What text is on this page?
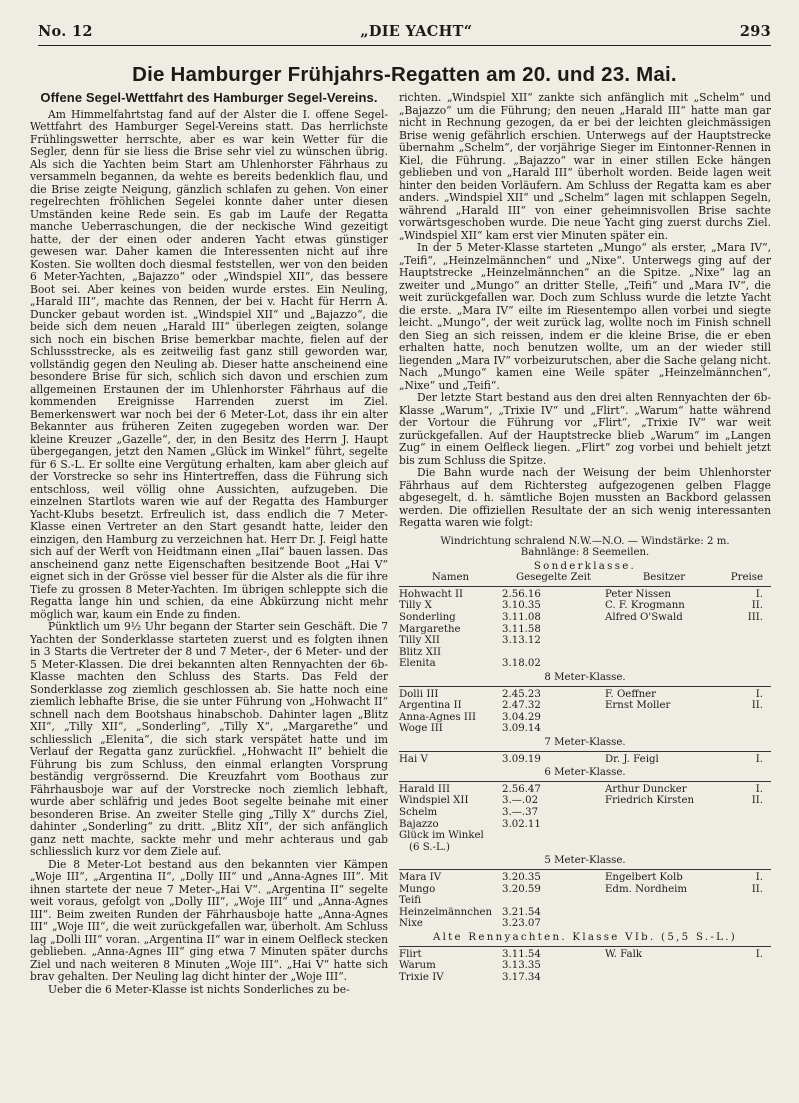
No. 12	„DIE YACHT“	293
Die Hamburger Frühjahrs-Regatten am 20. und 23. Mai.
Offene Segel-Wettfahrt des Hamburger Segel-Vereins.

Am Himmelfahrtstag fand auf der Alster die I. offene Segel-Wettfahrt des Hamburger Segel-Vereins statt. Das herrlichste Frühlingswetter herrschte, aber es war kein Wetter für die Segler, denn für sie liess die Brise sehr viel zu wünschen übrig. Als sich die Yachten beim Start am Uhlenhorster Fährhaus zu versammeln begannen, da wehte es bereits bedenklich flau, und die Brise zeigte Neigung, gänzlich schlafen zu gehen. Von einer regelrechten fröhlichen Segelei konnte daher unter diesen Umständen keine Rede sein. Es gab im Laufe der Regatta manche Ueberraschungen, die der neckische Wind gezeitigt hatte, der der einen oder anderen Yacht etwas günstiger gewesen war. Daher kamen die Interessenten nicht auf ihre Kosten. Sie wollten doch diesmal feststellen, wer von den beiden 6 Meter-Yachten, „Bajazzo“ oder „Windspiel XII“, das bessere Boot sei. Aber keines von beiden wurde erstes. Ein Neuling, „Harald III“, machte das Rennen, der bei v. Hacht für Herrn A. Duncker gebaut worden ist. „Windspiel XII“ und „Bajazzo“, die beide sich dem neuen „Harald III“ überlegen zeigten, solange sich noch ein bischen Brise bemerkbar machte, fielen auf der Schlussstrecke, als es zeitweilig fast ganz still geworden war, vollständig gegen den Neuling ab. Dieser hatte anscheinend eine besondere Brise für sich, schlich sich davon und erschien zum allgemeinen Erstaunen der im Uhlenhorster Fährhaus auf die kommenden Ereignisse Harrenden zuerst im Ziel. Bemerkenswert war noch bei der 6 Meter-Lot, dass ihr ein alter Bekannter aus früheren Zeiten zugegeben worden war. Der kleine Kreuzer „Gazelle“, der, in den Besitz des Herrn J. Haupt übergegangen, jetzt den Namen „Glück im Winkel“ führt, segelte für 6 S.-L. Er sollte eine Vergütung erhalten, kam aber gleich auf der Vorstrecke so sehr ins Hintertreffen, dass die Führung sich entschloss, weil völlig ohne Aussichten, aufzugeben. Die einzelnen Startlots waren wie auf der Regatta des Hamburger Yacht-Klubs besetzt. Erfreulich ist, dass endlich die 7 Meter-Klasse einen Vertreter an den Start gesandt hatte, leider den einzigen, den Hamburg zu verzeichnen hat. Herr Dr. J. Feigl hatte sich auf der Werft von Heidtmann einen „IIai“ bauen lassen. Das anscheinend ganz nette Eigenschaften besitzende Boot „Hai V“ eignet sich in der Grösse viel besser für die Alster als die für ihre Tiefe zu grossen 8 Meter-Yachten. Im übrigen schleppte sich die Regatta lange hin und schien, da eine Abkürzung nicht mehr möglich war, kaum ein Ende zu finden.

Pünktlich um 9½ Uhr begann der Starter sein Geschäft. Die 7 Yachten der Sonderklasse starteten zuerst und es folgten ihnen in 3 Starts die Vertreter der 8 und 7 Meter-, der 6 Meter- und der 5 Meter-Klassen. Die drei bekannten alten Rennyachten der 6b-Klasse machten den Schluss des Starts. Das Feld der Sonderklasse zog ziemlich geschlossen ab. Sie hatte noch eine ziemlich lebhafte Brise, die sie unter Führung von „Hohwacht II“ schnell nach dem Bootshaus hinabschob. Dahinter lagen „Blitz XII“, „Tilly XII“, „Sonderling“, „Tilly X“, „Margarethe“ und schliesslich „Elenita“, die sich stark verspätet hatte und im Verlauf der Regatta ganz zurückfiel. „Hohwacht II“ behielt die Führung bis zum Schluss, den einmal erlangten Vorsprung beständig vergrössernd. Die Kreuzfahrt vom Boothaus zur Fährhausboje war auf der Vorstrecke noch ziemlich lebhaft, wurde aber schläfrig und jedes Boot segelte beinahe mit einer besonderen Brise. An zweiter Stelle ging „Tilly X“ durchs Ziel, dahinter „Sonderling“ zu dritt. „Blitz XII“, der sich anfänglich ganz nett machte, sackte mehr und mehr achteraus und gab schliesslich kurz vor dem Ziele auf.

Die 8 Meter-Lot bestand aus den bekannten vier Kämpen „Woje III“, „Argentina II“, „Dolly III“ und „Anna-Agnes III“. Mit ihnen startete der neue 7 Meter-„Hai V“. „Argentina II“ segelte weit voraus, gefolgt von „Dolly III“, „Woje III“ und „Anna-Agnes III“. Beim zweiten Runden der Fährhausboje hatte „Anna-Agnes III“ „Woje III“, die weit zurückgefallen war, überholt. Am Schluss lag „Dolli III“ voran. „Argentina II“ war in einem Oelfleck stecken geblieben. „Anna-Agnes III“ ging etwa 7 Minuten später durchs Ziel und nach weiteren 8 Minuten „Woje III“. „Hai V“ hatte sich brav gehalten. Der Neuling lag dicht hinter der „Woje III“.

Ueber die 6 Meter-Klasse ist nichts Sonderliches zu be-

richten. „Windspiel XII“ zankte sich anfänglich mit „Schelm“ und „Bajazzo“ um die Führung; den neuen „Harald III“ hatte man gar nicht in Rechnung gezogen, da er bei der leichten gleichmässigen Brise wenig gefährlich erschien. Unterwegs auf der Hauptstrecke übernahm „Schelm“, der vorjährige Sieger im Eintonner-Rennen in Kiel, die Führung. „Bajazzo“ war in einer stillen Ecke hängen geblieben und von „Harald III“ überholt worden. Beide lagen weit hinter den beiden Vorläufern. Am Schluss der Regatta kam es aber anders. „Windspiel XII“ und „Schelm“ lagen mit schlappen Segeln, während „Harald III“ von einer geheimnisvollen Brise sachte vorwärtsgeschoben wurde. Die neue Yacht ging zuerst durchs Ziel. „Windspiel XII“ kam erst vier Minuten später ein.

In der 5 Meter-Klasse starteten „Mungo“ als erster, „Mara IV“, „Teifi“, „Heinzelmännchen“ und „Nixe“. Unterwegs ging auf der Hauptstrecke „Heinzelmännchen“ an die Spitze. „Nixe“ lag an zweiter und „Mungo“ an dritter Stelle, „Teifi“ und „Mara IV“, die weit zurückgefallen war. Doch zum Schluss wurde die letzte Yacht die erste. „Mara IV“ eilte im Riesentempo allen vorbei und siegte leicht. „Mungo“, der weit zurück lag, wollte noch im Finish schnell den Sieg an sich reissen, indem er die kleine Brise, die er eben erhalten hatte, noch benutzen wollte, um an der wieder still liegenden „Mara IV“ vorbeizurutschen, aber die Sache gelang nicht. Nach „Mungo“ kamen eine Weile später „Heinzelmännchen“, „Nixe“ und „Teifi“.

Der letzte Start bestand aus den drei alten Rennyachten der 6b-Klasse „Warum“, „Trixie IV“ und „Flirt“. „Warum“ hatte während der Vortour die Führung vor „Flirt“, „Trixie IV“ war weit zurückgefallen. Auf der Hauptstrecke blieb „Warum“ im „Langen Zug“ in einem Oelfleck liegen. „Flirt“ zog vorbei und behielt jetzt bis zum Schluss die Spitze.

Die Bahn wurde nach der Weisung der beim Uhlenhorster Fährhaus auf dem Richtersteg aufgezogenen gelben Flagge abgesegelt, d. h. sämtliche Bojen mussten an Backbord gelassen werden. Die offiziellen Resultate der an sich wenig interessanten Regatta waren wie folgt:

Windrichtung schralend N.W.—N.O. — Windstärke: 2 m.
Bahnlänge: 8 Seemeilen.
Sonderklasse.
Namen	Gesegelte Zeit	Besitzer	Preise
Hohwacht II	2.56.16	Peter Nissen	I.
Tilly X	3.10.35	C. F. Krogmann	II.
Sonderling	3.11.08	Alfred O'Swald	III.
Margarethe	3.11.58
Tilly XII	3.13.12
Blitz XII
Elenita	3.18.02
8 Meter-Klasse.
Dolli III	2.45.23	F. Oeffner	I.
Argentina II	2.47.32	Ernst Moller	II.
Anna-Agnes III	3.04.29
Woge III	3.09.14
7 Meter-Klasse.
Hai V	3.09.19	Dr. J. Feigl	I.
6 Meter-Klasse.
Harald III	2.56.47	Arthur Duncker	I.
Windspiel XII	3.—.02	Friedrich Kirsten	II.
Schelm	3.—.37
Bajazzo	3.02.11
Glück im Winkel
(6 S.-L.)
5 Meter-Klasse.
Mara IV	3.20.35	Engelbert Kolb	I.
Mungo	3.20.59	Edm. Nordheim	II.
Teifi
Heinzelmännchen 3.21.54
Nixe	3.23.07
Alte Rennyachten. Klasse VIb. (5,5 S.-L.)
Flirt	3.11.54	W. Falk	I.
Warum	3.13.35
Trixie IV	3.17.34
